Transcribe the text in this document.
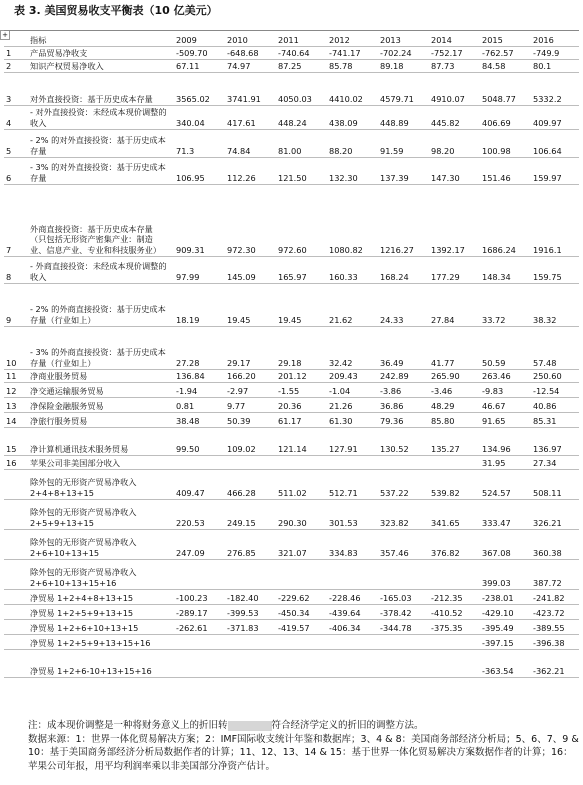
表 3. 美国贸易收支平衡表（10 亿美元）
+
	指标	2009	2010	2011	2012	2013	2014	2015	2016
1	产品贸易净收支	-509.70	-648.68	-740.64	-741.17	-702.24	-752.17	-762.57	-749.9
2	知识产权贸易净收入	67.11	74.97	87.25	85.78	89.18	87.73	84.58	80.1
3	对外直接投资：基于历史成本存量	3565.02	3741.91	4050.03	4410.02	4579.71	4910.07	5048.77	5332.2
4	- 对外直接投资：未经成本现价调整的收入	340.04	417.61	448.24	438.09	448.89	445.82	406.69	409.97
5	- 2% 的对外直接投资：基于历史成本存量	71.3	74.84	81.00	88.20	91.59	98.20	100.98	106.64
6	- 3% 的对外直接投资：基于历史成本存量	106.95	112.26	121.50	132.30	137.39	147.30	151.46	159.97
7	外商直接投资：基于历史成本存量（只包括无形资产密集产业：制造业、信息产业、专业和科技服务业）	909.31	972.30	972.60	1080.82	1216.27	1392.17	1686.24	1916.1
8	- 外商直接投资：未经成本现价调整的收入	97.99	145.09	165.97	160.33	168.24	177.29	148.34	159.75
9	- 2% 的外商直接投资：基于历史成本存量（行业如上）	18.19	19.45	19.45	21.62	24.33	27.84	33.72	38.32
10	- 3% 的外商直接投资：基于历史成本存量（行业如上）	27.28	29.17	29.18	32.42	36.49	41.77	50.59	57.48
11	净商业服务贸易	136.84	166.20	201.12	209.43	242.89	265.90	263.46	250.60
12	净交通运输服务贸易	-1.94	-2.97	-1.55	-1.04	-3.86	-3.46	-9.83	-12.54
13	净保险金融服务贸易	0.81	9.77	20.36	21.26	36.86	48.29	46.67	40.86
14	净旅行服务贸易	38.48	50.39	61.17	61.30	79.36	85.80	91.65	85.31
15	净计算机通讯技术服务贸易	99.50	109.02	121.14	127.91	130.52	135.27	134.96	136.97
16	苹果公司非美国部分收入							31.95	27.34
	除外包的无形资产贸易净收入 2+4+8+13+15	409.47	466.28	511.02	512.71	537.22	539.82	524.57	508.11
	除外包的无形资产贸易净收入 2+5+9+13+15	220.53	249.15	290.30	301.53	323.82	341.65	333.47	326.21
	除外包的无形资产贸易净收入 2+6+10+13+15	247.09	276.85	321.07	334.83	357.46	376.82	367.08	360.38
	除外包的无形资产贸易净收入 2+6+10+13+15+16							399.03	387.72
	净贸易 1+2+4+8+13+15	-100.23	-182.40	-229.62	-228.46	-165.03	-212.35	-238.01	-241.82
	净贸易 1+2+5+9+13+15	-289.17	-399.53	-450.34	-439.64	-378.42	-410.52	-429.10	-423.72
	净贸易 1+2+6+10+13+15	-262.61	-371.83	-419.57	-406.34	-344.78	-375.35	-395.49	-389.55
	净贸易 1+2+5+9+13+15+16							-397.15	-396.38
	净贸易 1+2+6-10+13+15+16							-363.54	-362.21
注：成本现价调整是一种将财务意义上的折旧转	符合经济学定义的折旧的调整方法。
数据来源：1：世界一体化贸易解决方案；2：IMF国际收支统计年鉴和数据库；3、4 & 8：美国商务部经济分析局；5、6、7、9 & 10：基于美国商务部经济分析局数据作者的计算；11、12、13、14 & 15：基于世界一体化贸易解决方案数据作者的计算；16：苹果公司年报，用平均利润率乘以非美国部分净资产估计。
